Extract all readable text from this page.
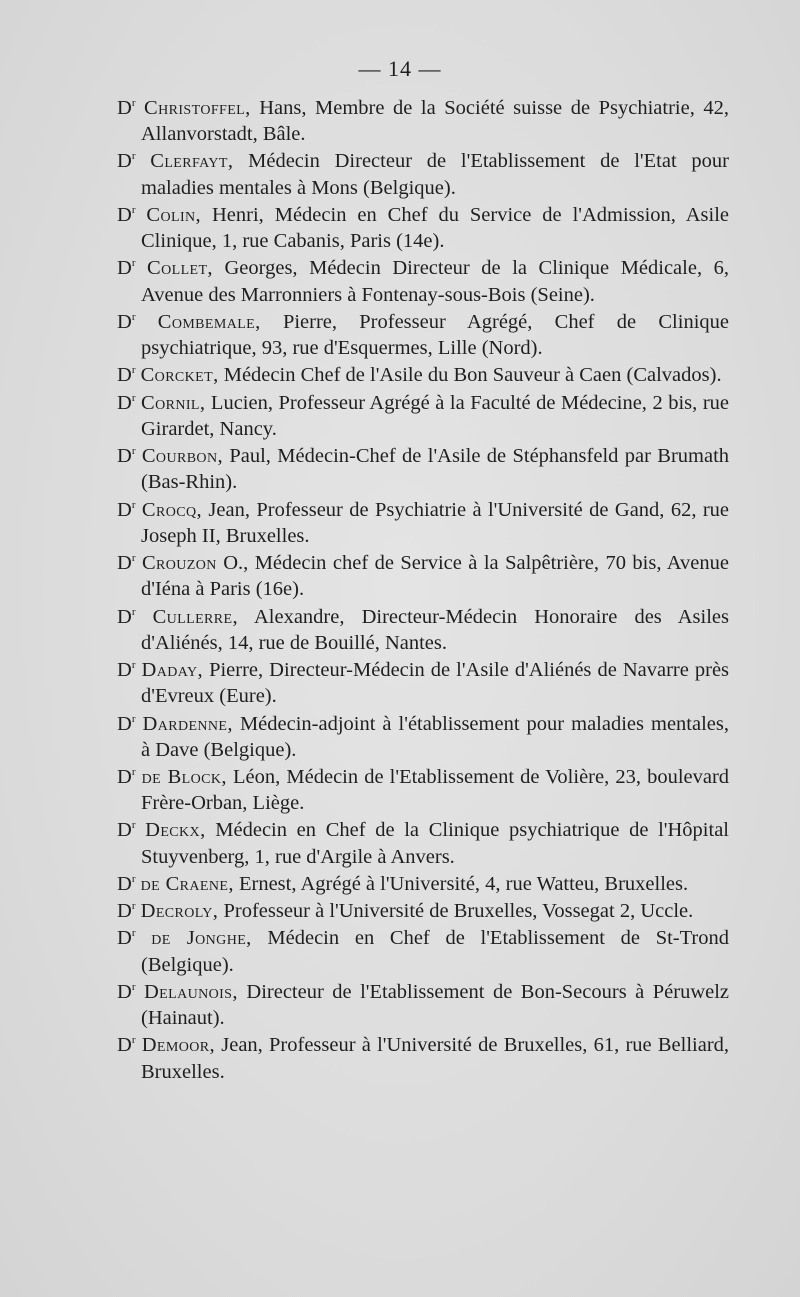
— 14 —

$D^r$ Christoffel, Hans, Membre de la Société suisse de Psychiatrie, 42, Allanvorstadt, Bâle.

$D^r$ Clerfayt, Médecin Directeur de l'Etablissement de l'Etat pour maladies mentales à Mons (Belgique).

$D^r$ Colin, Henri, Médecin en Chef du Service de l'Admission, Asile Clinique, 1, rue Cabanis, Paris (14e).

$D^r$ Collet, Georges, Médecin Directeur de la Clinique Médicale, 6, Avenue des Marronniers à Fontenay-sous-Bois (Seine).

$D^r$ Combemale, Pierre, Professeur Agrégé, Chef de Clinique psychiatrique, 93, rue d'Esquermes, Lille (Nord).

$D^r$ Corcket, Médecin Chef de l'Asile du Bon Sauveur à Caen (Calvados).

$D^r$ Cornil, Lucien, Professeur Agrégé à la Faculté de Médecine, 2 bis, rue Girardet, Nancy.

$D^r$ Courbon, Paul, Médecin-Chef de l'Asile de Stéphansfeld par Brumath (Bas-Rhin).

$D^r$ Crocq, Jean, Professeur de Psychiatrie à l'Université de Gand, 62, rue Joseph II, Bruxelles.

$D^r$ Crouzon O., Médecin chef de Service à la Salpêtrière, 70 bis, Avenue d'Iéna à Paris (16e).

$D^r$ Cullerre, Alexandre, Directeur-Médecin Honoraire des Asiles d'Aliénés, 14, rue de Bouillé, Nantes.

$D^r$ Daday, Pierre, Directeur-Médecin de l'Asile d'Aliénés de Navarre près d'Evreux (Eure).

$D^r$ Dardenne, Médecin-adjoint à l'établissement pour maladies mentales, à Dave (Belgique).

$D^r$ de Block, Léon, Médecin de l'Etablissement de Volière, 23, boulevard Frère-Orban, Liège.

$D^r$ Deckx, Médecin en Chef de la Clinique psychiatrique de l'Hôpital Stuyvenberg, 1, rue d'Argile à Anvers.

$D^r$ de Craene, Ernest, Agrégé à l'Université, 4, rue Watteu, Bruxelles.

$D^r$ Decroly, Professeur à l'Université de Bruxelles, Vossegat 2, Uccle.

$D^r$ de Jonghe, Médecin en Chef de l'Etablissement de St-Trond (Belgique).

$D^r$ Delaunois, Directeur de l'Etablissement de Bon-Secours à Péruwelz (Hainaut).

$D^r$ Demoor, Jean, Professeur à l'Université de Bruxelles, 61, rue Belliard, Bruxelles.
